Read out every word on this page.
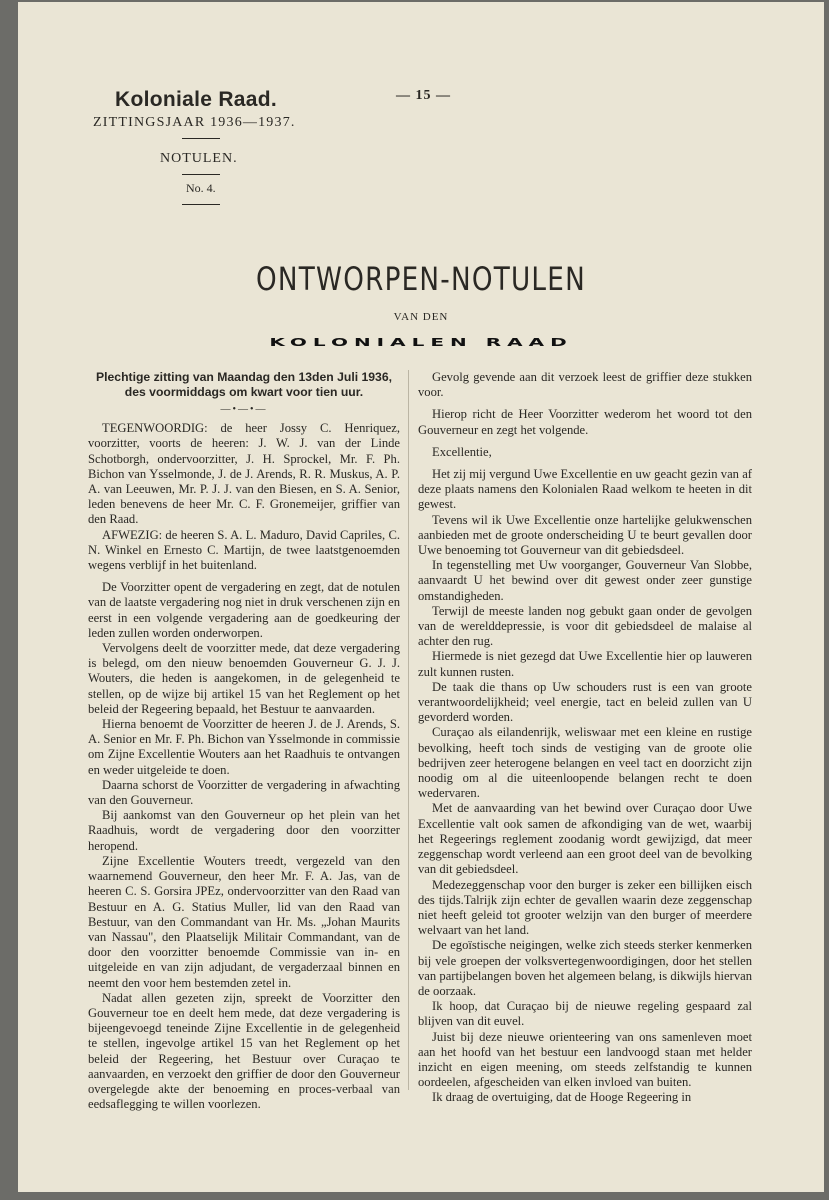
Koloniale Raad.	— 15 —
ZITTINGSJAAR 1936—1937.
NOTULEN.
No. 4.
ONTWORPEN-NOTULEN
VAN DEN
KOLONIALEN RAAD
Plechtige zitting van Maandag den 13den Juli 1936,
des voormiddags om kwart voor tien uur.
—•—•—

TEGENWOORDIG: de heer Jossy C. Henriquez, voorzitter, voorts de heeren: J. W. J. van der Linde Schotborgh, ondervoorzitter, J. H. Sprockel, Mr. F. Ph. Bichon van Ysselmonde, J. de J. Arends, R. R. Muskus, A. P. A. van Leeuwen, Mr. P. J. J. van den Biesen, en S. A. Senior, leden benevens de heer Mr. C. F. Gronemeijer, griffier van den Raad.

AFWEZIG: de heeren S. A. L. Maduro, David Capriles, C. N. Winkel en Ernesto C. Martijn, de twee laatstgenoemden wegens verblijf in het buitenland.

De Voorzitter opent de vergadering en zegt, dat de notulen van de laatste vergadering nog niet in druk verschenen zijn en eerst in een volgende vergadering aan de goedkeuring der leden zullen worden onderworpen.

Vervolgens deelt de voorzitter mede, dat deze vergadering is belegd, om den nieuw benoemden Gouverneur G. J. J. Wouters, die heden is aangekomen, in de gelegenheid te stellen, op de wijze bij artikel 15 van het Reglement op het beleid der Regeering bepaald, het Bestuur te aanvaarden.

Hierna benoemt de Voorzitter de heeren J. de J. Arends, S. A. Senior en Mr. F. Ph. Bichon van Ysselmonde in commissie om Zijne Excellentie Wouters aan het Raadhuis te ontvangen en weder uitgeleide te doen.

Daarna schorst de Voorzitter de vergadering in afwachting van den Gouverneur.

Bij aankomst van den Gouverneur op het plein van het Raadhuis, wordt de vergadering door den voorzitter heropend.

Zijne Excellentie Wouters treedt, vergezeld van den waarnemend Gouverneur, den heer Mr. F. A. Jas, van de heeren C. S. Gorsira JPEz, ondervoorzitter van den Raad van Bestuur en A. G. Statius Muller, lid van den Raad van Bestuur, van den Commandant van Hr. Ms. „Johan Maurits van Nassau", den Plaatselijk Militair Commandant, van de door den voorzitter benoemde Commissie van in- en uitgeleide en van zijn adjudant, de vergaderzaal binnen en neemt den voor hem bestemden zetel in.

Nadat allen gezeten zijn, spreekt de Voorzitter den Gouverneur toe en deelt hem mede, dat deze vergadering is bijeengevoegd teneinde Zijne Excellentie in de gelegenheid te stellen, ingevolge artikel 15 van het Reglement op het beleid der Regeering, het Bestuur over Curaçao te aanvaarden, en verzoekt den griffier de door den Gouverneur overgelegde akte der benoeming en proces-verbaal van eedsaflegging te willen voorlezen.

Gevolg gevende aan dit verzoek leest de griffier deze stukken voor.

Hierop richt de Heer Voorzitter wederom het woord tot den Gouverneur en zegt het volgende.

Excellentie,

Het zij mij vergund Uwe Excellentie en uw geacht gezin van af deze plaats namens den Kolonialen Raad welkom te heeten in dit gewest.

Tevens wil ik Uwe Excellentie onze hartelijke gelukwenschen aanbieden met de groote onderscheiding U te beurt gevallen door Uwe benoeming tot Gouverneur van dit gebiedsdeel.

In tegenstelling met Uw voorganger, Gouverneur Van Slobbe, aanvaardt U het bewind over dit gewest onder zeer gunstige omstandigheden.

Terwijl de meeste landen nog gebukt gaan onder de gevolgen van de werelddepressie, is voor dit gebiedsdeel de malaise al achter den rug.

Hiermede is niet gezegd dat Uwe Excellentie hier op lauweren zult kunnen rusten.

De taak die thans op Uw schouders rust is een van groote verantwoordelijkheid; veel energie, tact en beleid zullen van U gevorderd worden.

Curaçao als eilandenrijk, weliswaar met een kleine en rustige bevolking, heeft toch sinds de vestiging van de groote olie bedrijven zeer heterogene belangen en veel tact en doorzicht zijn noodig om al die uiteenloopende belangen recht te doen wedervaren.

Met de aanvaarding van het bewind over Curaçao door Uwe Excellentie valt ook samen de afkondiging van de wet, waarbij het Regeerings reglement zoodanig wordt gewijzigd, dat meer zeggenschap wordt verleend aan een groot deel van de bevolking van dit gebiedsdeel.

Medezeggenschap voor den burger is zeker een billijken eisch des tijds.Talrijk zijn echter de gevallen waarin deze zeggenschap niet heeft geleid tot grooter welzijn van den burger of meerdere welvaart van het land.

De egoïstische neigingen, welke zich steeds sterker kenmerken bij vele groepen der volksvertegenwoordigingen, door het stellen van partijbelangen boven het algemeen belang, is dikwijls hiervan de oorzaak.

Ik hoop, dat Curaçao bij de nieuwe regeling gespaard zal blijven van dit euvel.

Juist bij deze nieuwe orienteering van ons samenleven moet aan het hoofd van het bestuur een landvoogd staan met helder inzicht en eigen meening, om steeds zelfstandig te kunnen oordeelen, afgescheiden van elken invloed van buiten.

Ik draag de overtuiging, dat de Hooge Regeering in
